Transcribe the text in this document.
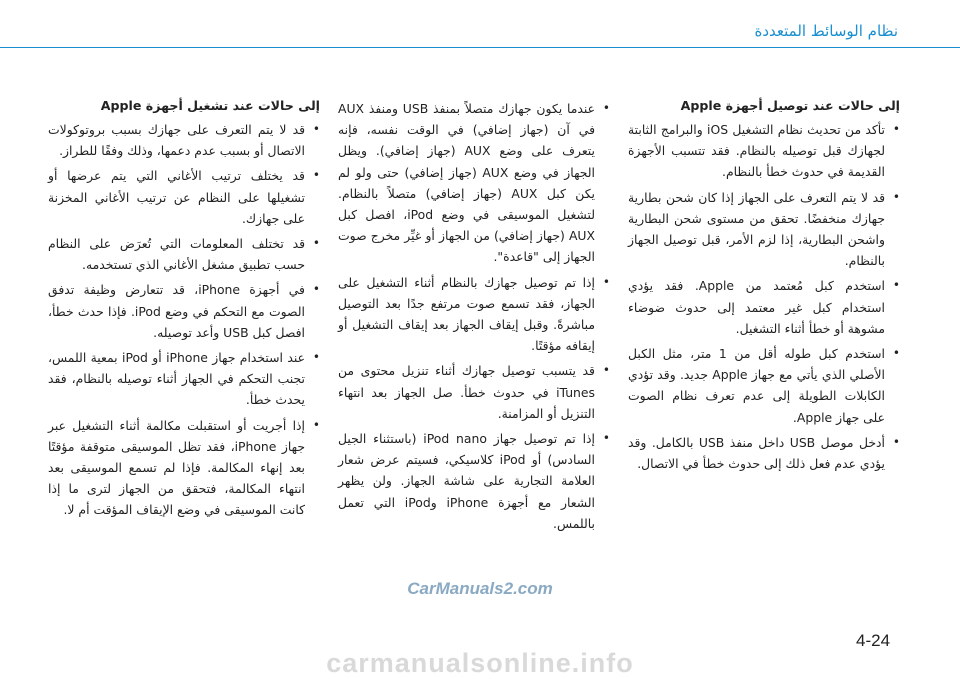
نظام الوسائط المتعددة
إلى حالات عند توصيل أجهزة Apple
• تأكد من تحديث نظام التشغيل iOS والبرامج الثابتة لجهازك قبل توصيله بالنظام. فقد تتسبب الأجهزة القديمة في حدوث خطأ بالنظام.
• قد لا يتم التعرف على الجهاز إذا كان شحن بطارية جهازك منخفضًا. تحقق من مستوى شحن البطارية واشحن البطارية، إذا لزم الأمر، قبل توصيل الجهاز بالنظام.
• استخدم كبل مُعتمد من Apple. فقد يؤدي استخدام كبل غير معتمد إلى حدوث ضوضاء مشوهة أو خطأ أثناء التشغيل.
• استخدم كبل طوله أقل من 1 متر، مثل الكبل الأصلي الذي يأتي مع جهاز Apple جديد. وقد تؤدي الكابلات الطويلة إلى عدم تعرف نظام الصوت على جهاز Apple.
• أدخل موصل USB داخل منفذ USB بالكامل. وقد يؤدي عدم فعل ذلك إلى حدوث خطأ في الاتصال.
• عندما يكون جهازك متصلاً بمنفذ USB ومنفذ AUX في آن (جهاز إضافي) في الوقت نفسه، فإنه يتعرف على وضع AUX (جهاز إضافي). ويظل الجهاز في وضع AUX (جهاز إضافي) حتى ولو لم يكن كبل AUX (جهاز إضافي) متصلاً بالنظام. لتشغيل الموسيقى في وضع iPod، افصل كبل AUX (جهاز إضافي) من الجهاز أو غيِّر مخرج صوت الجهاز إلى "قاعدة".
• إذا تم توصيل جهازك بالنظام أثناء التشغيل على الجهاز، فقد تسمع صوت مرتفع جدًا بعد التوصيل مباشرةً. وقبل إيقاف الجهاز بعد إيقاف التشغيل أو إيقافه مؤقتًا.
• قد يتسبب توصيل جهازك أثناء تنزيل محتوى من iTunes في حدوث خطأ. صل الجهاز بعد انتهاء التنزيل أو المزامنة.
• إذا تم توصيل جهاز iPod nano (باستثناء الجيل السادس) أو iPod كلاسيكي، فسيتم عرض شعار العلامة التجارية على شاشة الجهاز. ولن يظهر الشعار مع أجهزة iPhone وiPod التي تعمل باللمس.
إلى حالات عند تشغيل أجهزة Apple
• قد لا يتم التعرف على جهازك بسبب بروتوكولات الاتصال أو بسبب عدم دعمها، وذلك وفقًا للطراز.
• قد يختلف ترتيب الأغاني التي يتم عرضها أو تشغيلها على النظام عن ترتيب الأغاني المخزنة على جهازك.
• قد تختلف المعلومات التي تُعرَض على النظام حسب تطبيق مشغل الأغاني الذي تستخدمه.
• في أجهزة iPhone، قد تتعارض وظيفة تدفق الصوت مع التحكم في وضع iPod. فإذا حدث خطأ، افصل كبل USB وأعد توصيله.
• عند استخدام جهاز iPhone أو iPod بمعية اللمس، تجنب التحكم في الجهاز أثناء توصيله بالنظام، فقد يحدث خطأ.
• إذا أجريت أو استقبلت مكالمة أثناء التشغيل عبر جهاز iPhone، فقد تظل الموسيقى متوقفة مؤقتًا بعد إنهاء المكالمة. فإذا لم تسمع الموسيقى بعد انتهاء المكالمة، فتحقق من الجهاز لترى ما إذا كانت الموسيقى في وضع الإيقاف المؤقت أم لا.
CarManuals2.com
4-24
carmanualsonline.info
